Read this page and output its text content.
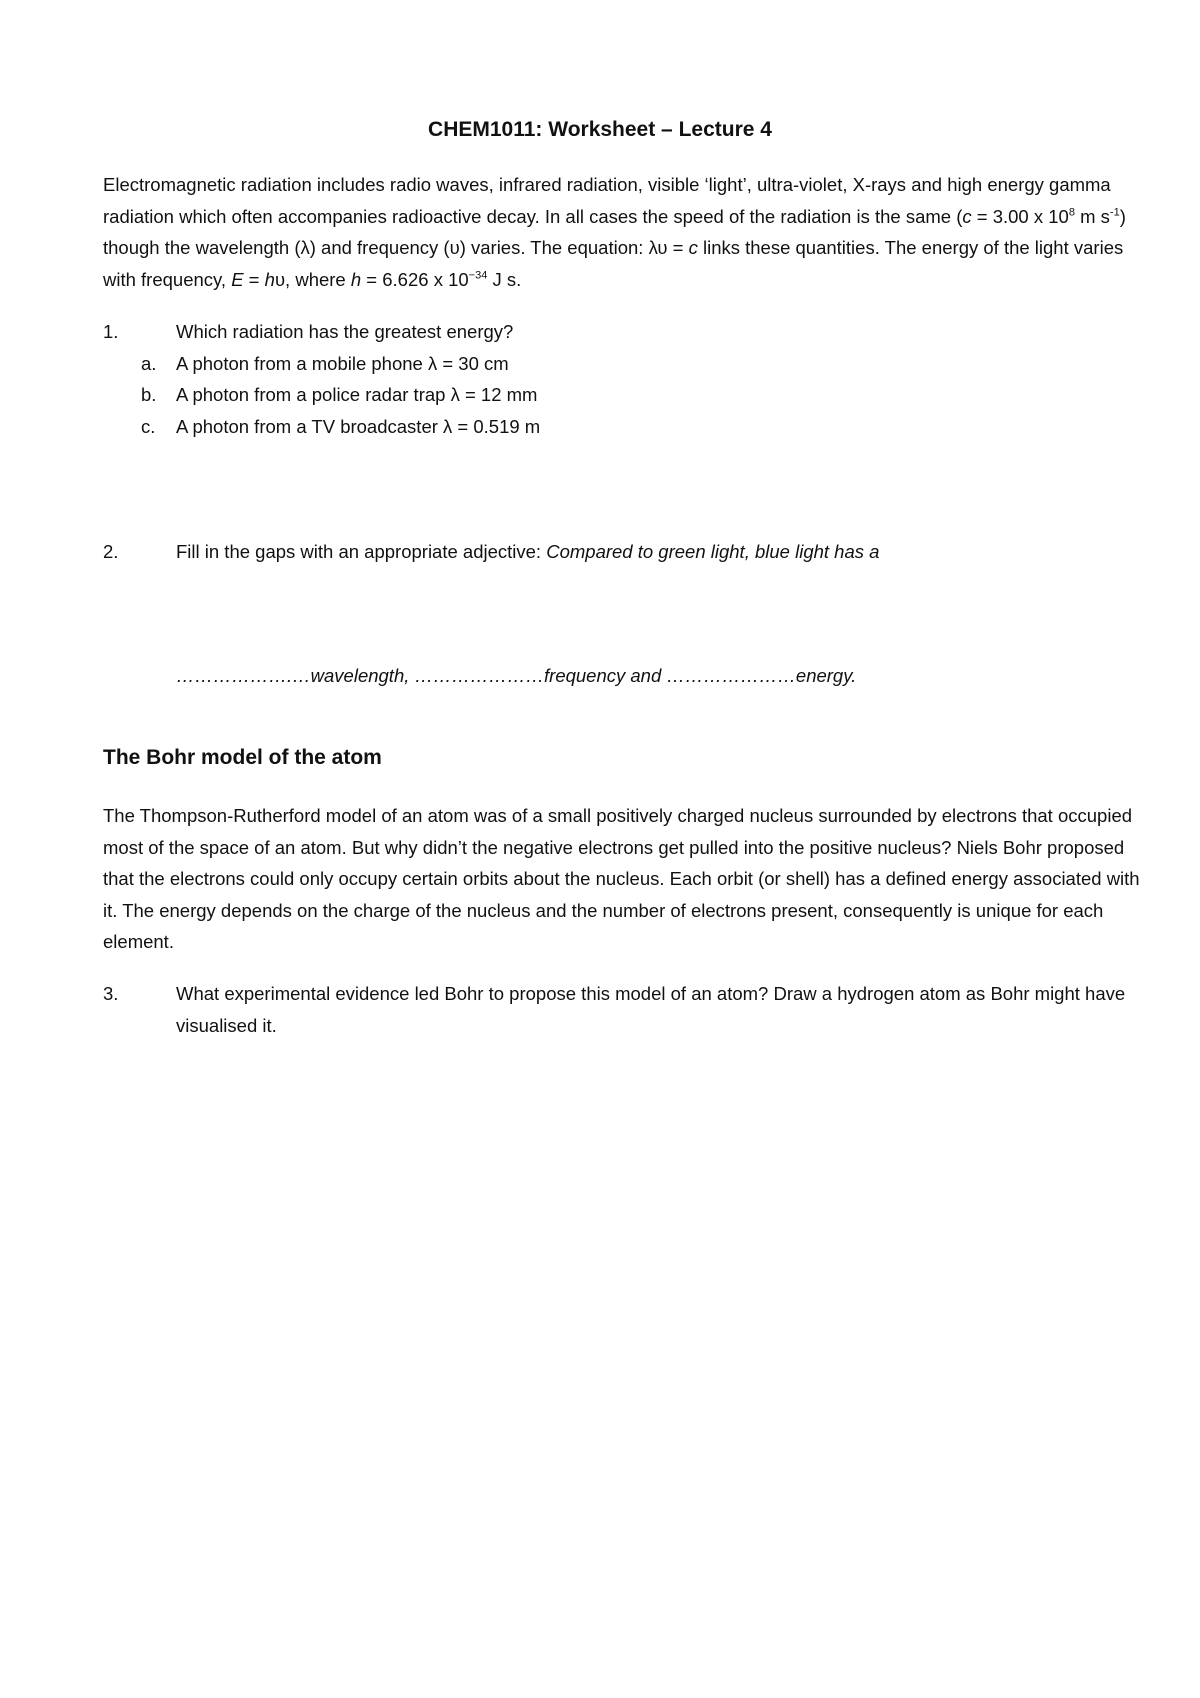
CHEM1011: Worksheet – Lecture 4

Electromagnetic radiation includes radio waves, infrared radiation, visible ‘light’, ultra-violet, X-rays and high energy gamma radiation which often accompanies radioactive decay. In all cases the speed of the radiation is the same (c = 3.00 x $10^8$ m $s^{-1}$) though the wavelength (λ) and frequency (υ) varies. The equation: λυ = c links these quantities. The energy of the light varies with frequency, E = hυ, where h = 6.626 x $10^{-34}$ J s.

1.	Which radiation has the greatest energy?
a. A photon from a mobile phone λ = 30 cm
b. A photon from a police radar trap λ = 12 mm
c. A photon from a TV broadcaster λ = 0.519 m
2.	Fill in the gaps with an appropriate adjective: Compared to green light, blue light has a
……………….…wavelength, …………………frequency and …………………energy.
The Bohr model of the atom

The Thompson-Rutherford model of an atom was of a small positively charged nucleus surrounded by electrons that occupied most of the space of an atom. But why didn’t the negative electrons get pulled into the positive nucleus? Niels Bohr proposed that the electrons could only occupy certain orbits about the nucleus. Each orbit (or shell) has a defined energy associated with it. The energy depends on the charge of the nucleus and the number of electrons present, consequently is unique for each element.

3.	What experimental evidence led Bohr to propose this model of an atom? Draw a hydrogen atom as Bohr might have visualised it.
